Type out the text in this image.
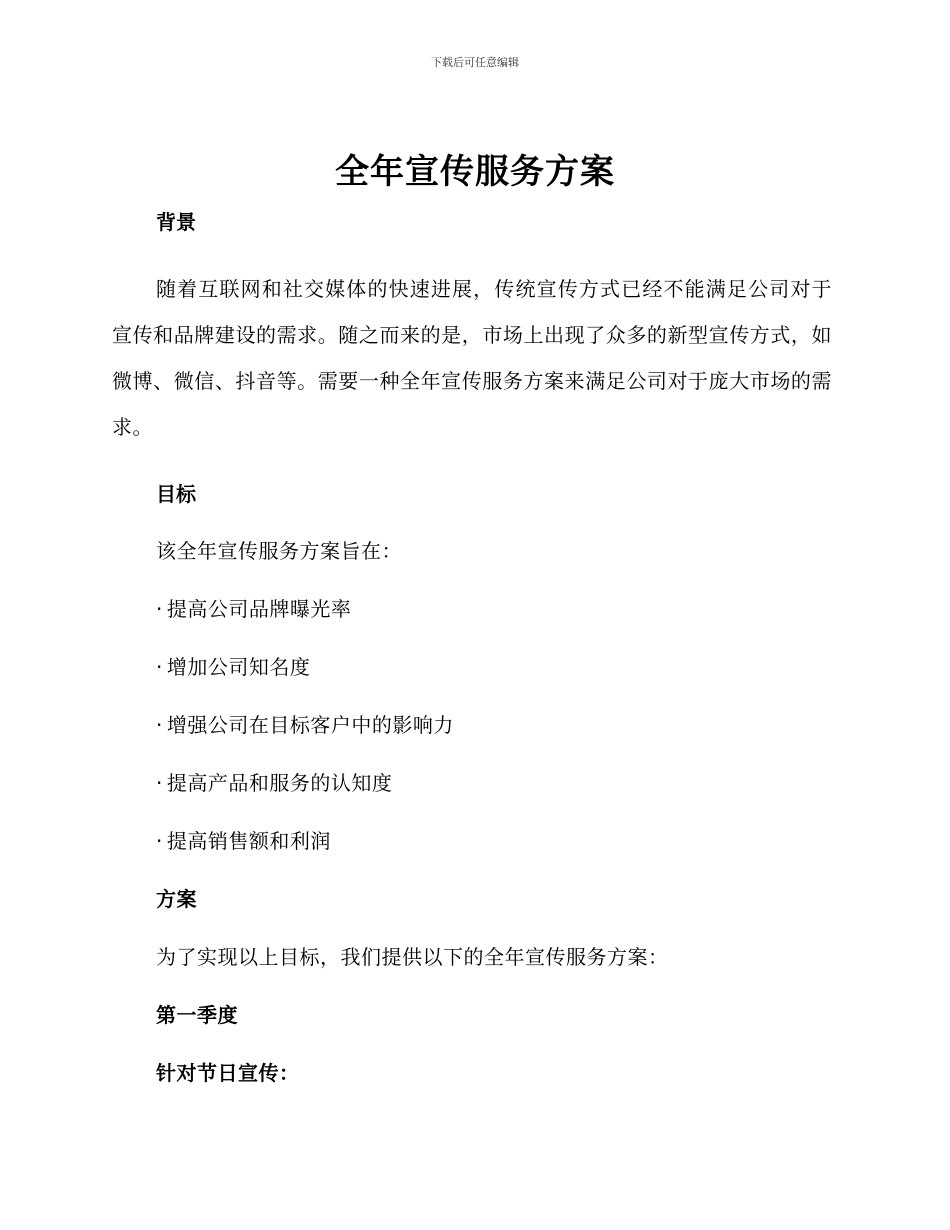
下载后可任意编辑
全年宣传服务方案
背景

随着互联网和社交媒体的快速进展，传统宣传方式已经不能满足公司对于宣传和品牌建设的需求。随之而来的是，市场上出现了众多的新型宣传方式，如微博、微信、抖音等。需要一种全年宣传服务方案来满足公司对于庞大市场的需求。

目标
该全年宣传服务方案旨在：
· 提高公司品牌曝光率
· 增加公司知名度
· 增强公司在目标客户中的影响力
· 提高产品和服务的认知度
· 提高销售额和利润
方案
为了实现以上目标，我们提供以下的全年宣传服务方案：
第一季度
针对节日宣传：
